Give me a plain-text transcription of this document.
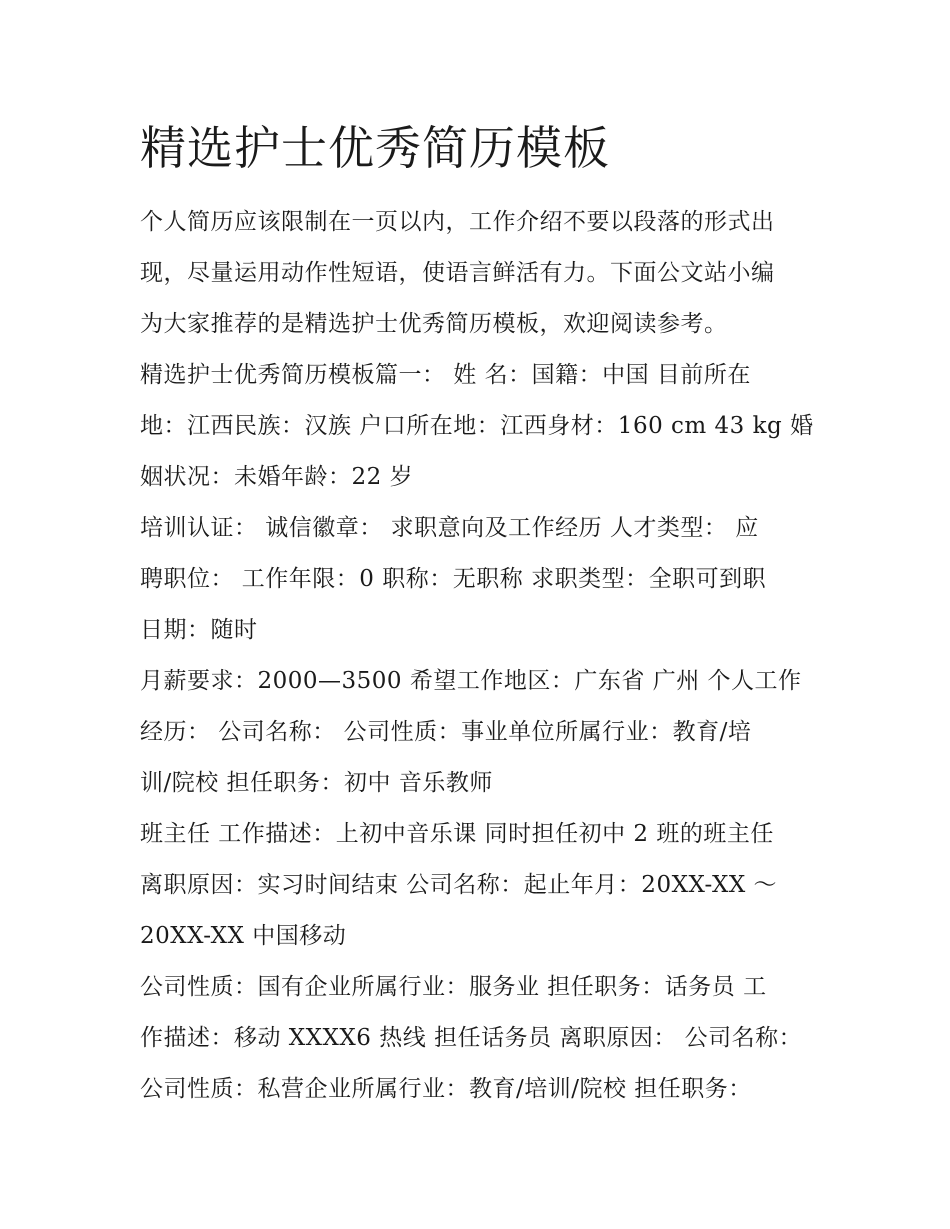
精选护士优秀简历模板

个人简历应该限制在一页以内，工作介绍不要以段落的形式出
现，尽量运用动作性短语，使语言鲜活有力。下面公文站小编
为大家推荐的是精选护士优秀简历模板，欢迎阅读参考。

精选护士优秀简历模板篇一： 姓 名：国籍：中国 目前所在
地：江西民族：汉族 户口所在地：江西身材：160 cm 43 kg 婚
姻状况：未婚年龄：22 岁

培训认证： 诚信徽章： 求职意向及工作经历 人才类型： 应
聘职位： 工作年限：0 职称：无职称 求职类型：全职可到职
日期：随时

月薪要求：2000—3500 希望工作地区：广东省 广州 个人工作
经历： 公司名称： 公司性质：事业单位所属行业：教育/培
训/院校 担任职务：初中 音乐教师

班主任 工作描述：上初中音乐课 同时担任初中 2 班的班主任
离职原因：实习时间结束 公司名称：起止年月：20XX-XX ～
20XX-XX 中国移动

公司性质：国有企业所属行业：服务业 担任职务：话务员 工
作描述：移动 XXXX6 热线 担任话务员 离职原因： 公司名称：
公司性质：私营企业所属行业：教育/培训/院校 担任职务：
